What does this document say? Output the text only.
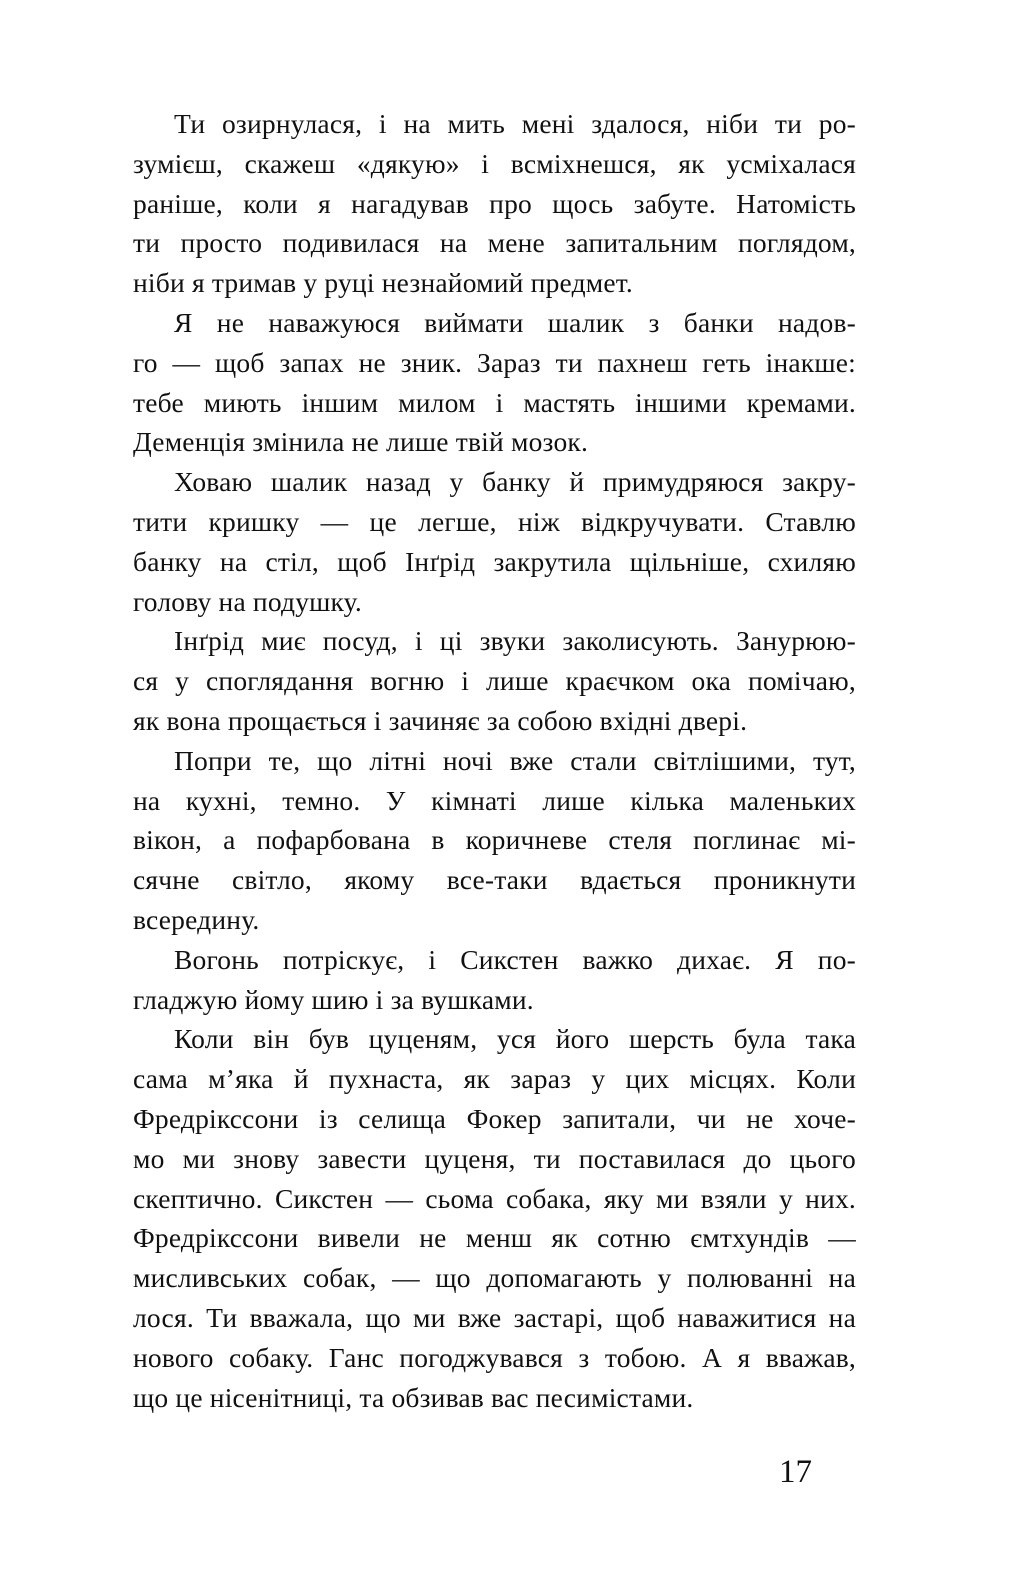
Ти озирнулася, і на мить мені здалося, ніби ти ро-
зумієш, скажеш «дякую» і всміхнешся, як усміхалася
раніше, коли я нагадував про щось забуте. Натомість
ти просто подивилася на мене запитальним поглядом,
ніби я тримав у руці незнайомий предмет.

Я не наважуюся виймати шалик з банки надов-
го — щоб запах не зник. Зараз ти пахнеш геть інакше:
тебе миють іншим милом і мастять іншими кремами.
Деменція змінила не лише твій мозок.

Ховаю шалик назад у банку й примудряюся закру-
тити кришку — це легше, ніж відкручувати. Ставлю
банку на стіл, щоб Інґрід закрутила щільніше, схиляю
голову на подушку.

Інґрід миє посуд, і ці звуки заколисують. Занурюю-
ся у споглядання вогню і лише краєчком ока помічаю,
як вона прощається і зачиняє за собою вхідні двері.

Попри те, що літні ночі вже стали світлішими, тут,
на кухні, темно. У кімнаті лише кілька маленьких
вікон, а пофарбована в коричневе стеля поглинає мі-
сячне світло, якому все-таки вдається проникнути
всередину.

Вогонь потріскує, і Сикстен важко дихає. Я по-
гладжую йому шию і за вушками.

Коли він був цуценям, уся його шерсть була така
сама м’яка й пухнаста, як зараз у цих місцях. Коли
Фредрікссони із селища Фокер запитали, чи не хоче-
мо ми знову завести цуценя, ти поставилася до цього
скептично. Сикстен — сьома собака, яку ми взяли у них.
Фредрікссони вивели не менш як сотню ємтхундів —
мисливських собак, — що допомагають у полюванні на
лося. Ти вважала, що ми вже застарі, щоб наважитися на
нового собаку. Ганс погоджувався з тобою. А я вважав,
що це нісенітниці, та обзивав вас песимістами.

17
